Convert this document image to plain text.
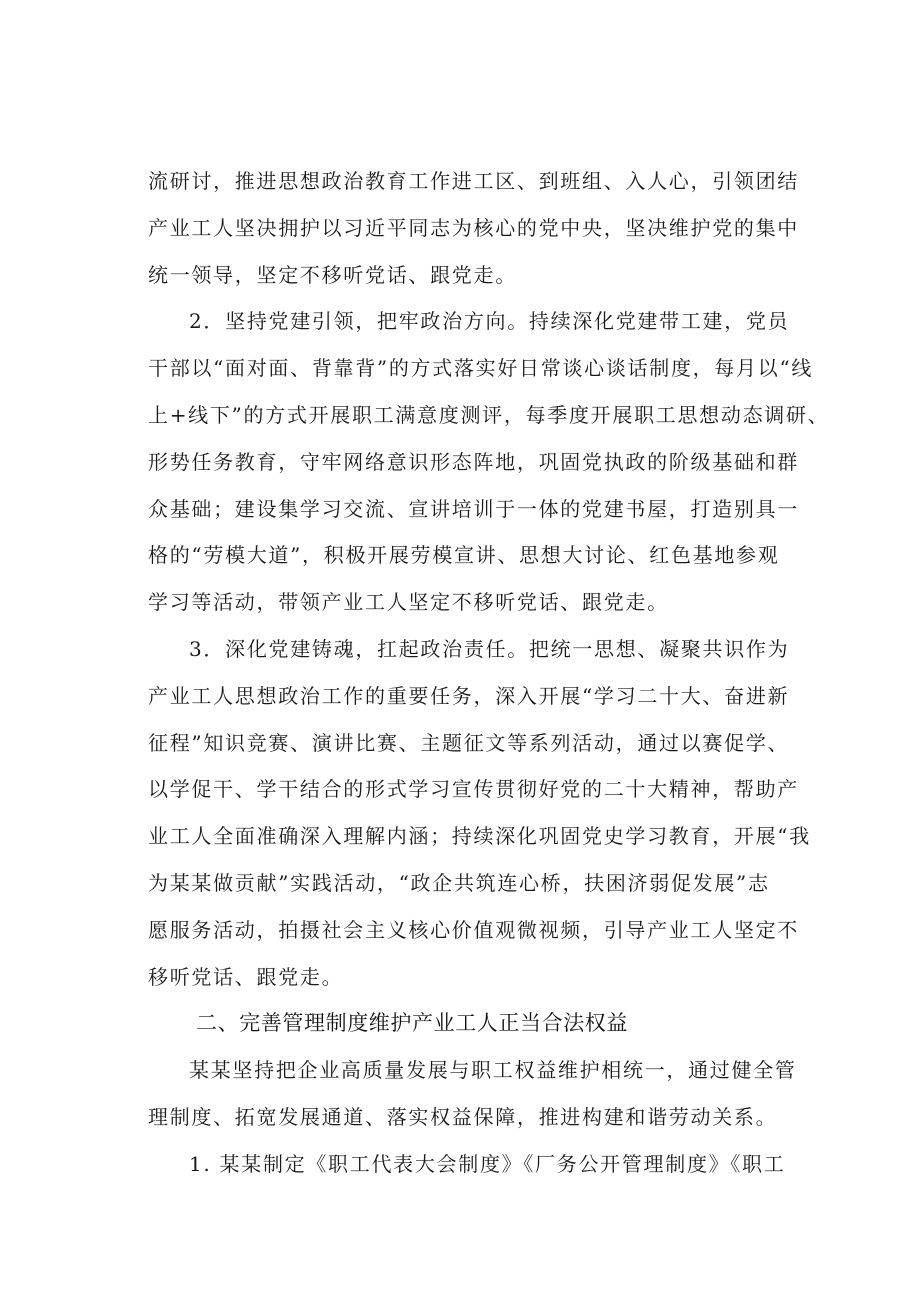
流研讨，推进思想政治教育工作进工区、到班组、入人心，引领团结
产业工人坚决拥护以习近平同志为核心的党中央，坚决维护党的集中
统一领导，坚定不移听党话、跟党走。
2．坚持党建引领，把牢政治方向。持续深化党建带工建，党员
干部以“面对面、背靠背”的方式落实好日常谈心谈话制度，每月以“线
上+线下”的方式开展职工满意度测评，每季度开展职工思想动态调研、
形势任务教育，守牢网络意识形态阵地，巩固党执政的阶级基础和群
众基础；建设集学习交流、宣讲培训于一体的党建书屋，打造别具一
格的“劳模大道”，积极开展劳模宣讲、思想大讨论、红色基地参观
学习等活动，带领产业工人坚定不移听党话、跟党走。
3．深化党建铸魂，扛起政治责任。把统一思想、凝聚共识作为
产业工人思想政治工作的重要任务，深入开展“学习二十大、奋进新
征程”知识竞赛、演讲比赛、主题征文等系列活动，通过以赛促学、
以学促干、学干结合的形式学习宣传贯彻好党的二十大精神，帮助产
业工人全面准确深入理解内涵；持续深化巩固党史学习教育，开展“我
为某某做贡献”实践活动，“政企共筑连心桥，扶困济弱促发展”志
愿服务活动，拍摄社会主义核心价值观微视频，引导产业工人坚定不
移听党话、跟党走。
二、完善管理制度维护产业工人正当合法权益
某某坚持把企业高质量发展与职工权益维护相统一，通过健全管
理制度、拓宽发展通道、落实权益保障，推进构建和谐劳动关系。
1. 某某制定《职工代表大会制度》《厂务公开管理制度》《职工
